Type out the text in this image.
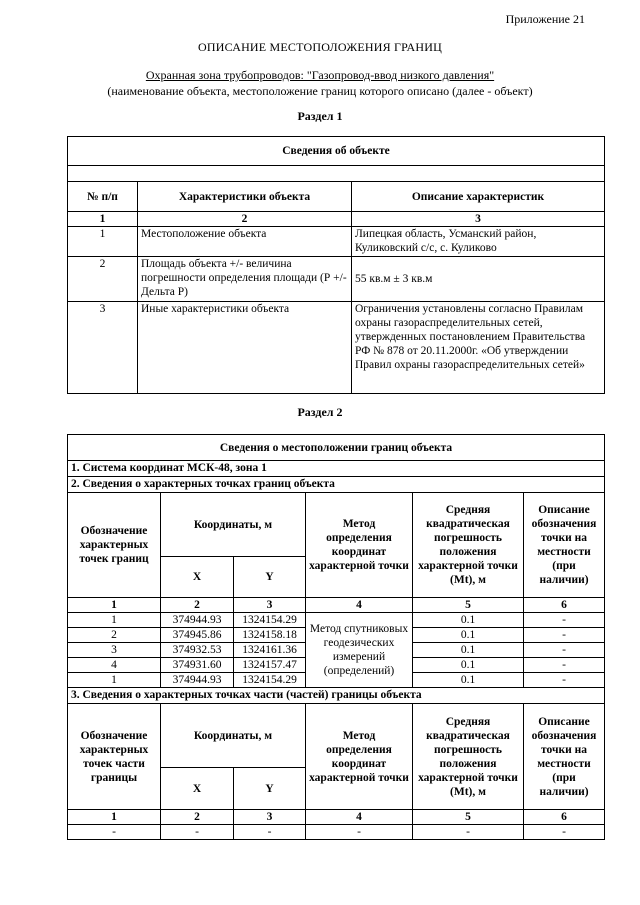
Приложение 21
ОПИСАНИЕ МЕСТОПОЛОЖЕНИЯ ГРАНИЦ
Охранная зона трубопроводов: "Газопровод-ввод низкого давления"
(наименование объекта, местоположение границ которого описано (далее - объект)
Раздел 1
Сведения об объекте		

№ п/п	Характеристики объекта	Описание характеристик
1	2	3
1	Местоположение объекта	Липецкая область, Усманский район, Куликовский с/с, с. Куликово
2	Площадь объекта +/- величина погрешности определения площади (Р +/- Дельта Р)	55 кв.м ± 3 кв.м
3	Иные характеристики объекта	Ограничения установлены согласно Правилам охраны газораспределительных сетей, утвержденных постановлением Правительства РФ № 878 от 20.11.2000г. «Об утверждении Правил охраны газораспределительных сетей»
Раздел 2
Сведения о местоположении границ объекта					
1. Система координат МСК-48, зона 1					
2. Сведения о характерных точках границ объекта					
Обозначение характерных точек границ	Координаты, м		Метод определения координат характерной точки	Средняя квадратическая погрешность положения характерной точки (Mt), м	Описание обозначения точки на местности (при наличии)
	X	Y			
1	2	3	4	5	6
1	374944.93	1324154.29	Метод спутниковых геодезических измерений (определений)	0.1	-
2	374945.86	1324158.18		0.1	-
3	374932.53	1324161.36		0.1	-
4	374931.60	1324157.47		0.1	-
1	374944.93	1324154.29		0.1	-
3. Сведения о характерных точках части (частей) границы объекта					
Обозначение характерных точек части границы	Координаты, м		Метод определения координат характерной точки	Средняя квадратическая погрешность положения характерной точки (Mt), м	Описание обозначения точки на местности (при наличии)
	X	Y			
1	2	3	4	5	6
-	-	-	-	-	-
